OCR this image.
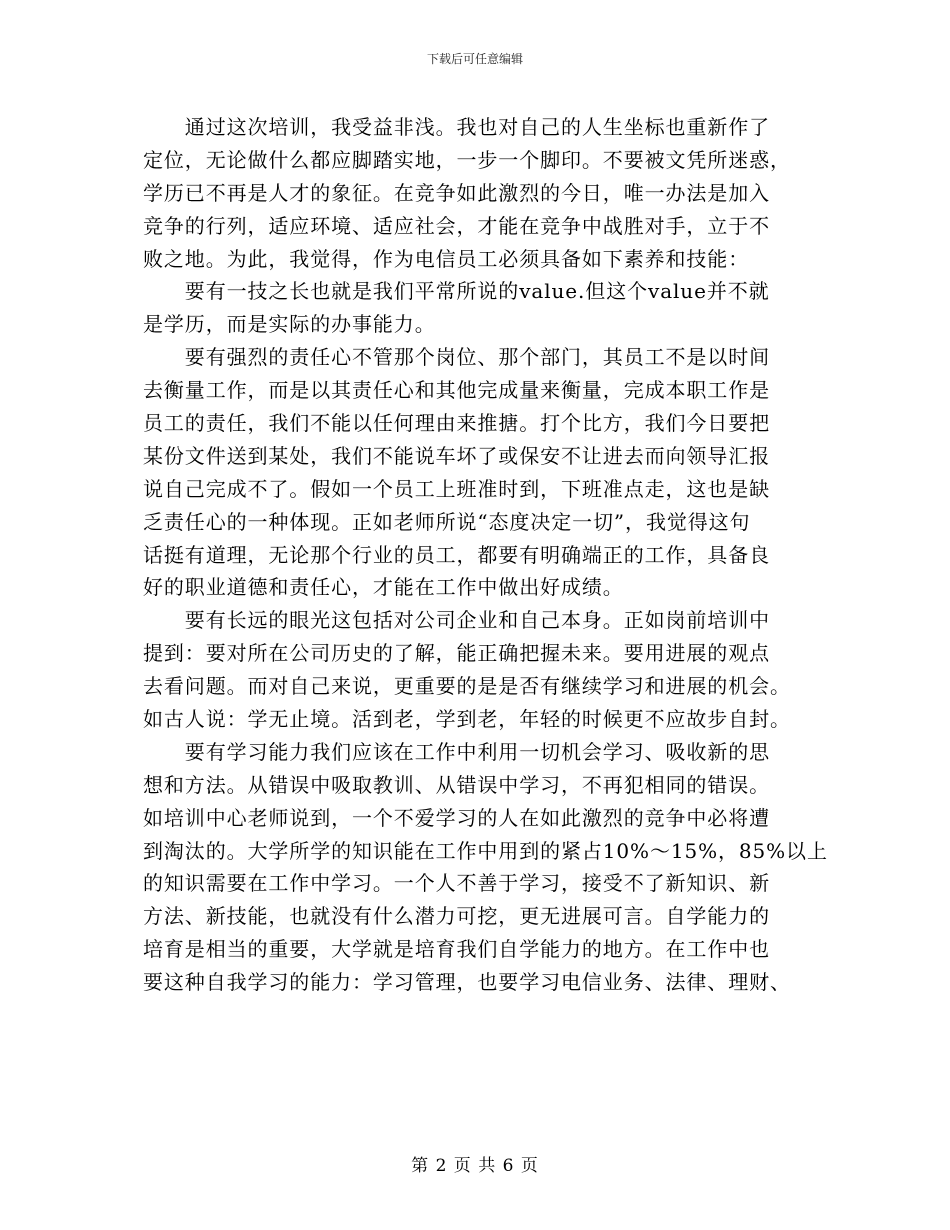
下载后可任意编辑
　　通过这次培训，我受益非浅。我也对自己的人生坐标也重新作了
定位，无论做什么都应脚踏实地，一步一个脚印。不要被文凭所迷惑，
学历已不再是人才的象征。在竞争如此激烈的今日，唯一办法是加入
竞争的行列，适应环境、适应社会，才能在竞争中战胜对手，立于不
败之地。为此，我觉得，作为电信员工必须具备如下素养和技能：
　　要有一技之长也就是我们平常所说的value.但这个value并不就
是学历，而是实际的办事能力。
　　要有强烈的责任心不管那个岗位、那个部门，其员工不是以时间
去衡量工作，而是以其责任心和其他完成量来衡量，完成本职工作是
员工的责任，我们不能以任何理由来推搪。打个比方，我们今日要把
某份文件送到某处，我们不能说车坏了或保安不让进去而向领导汇报
说自己完成不了。假如一个员工上班准时到，下班准点走，这也是缺
乏责任心的一种体现。正如老师所说“态度决定一切”，我觉得这句
话挺有道理，无论那个行业的员工，都要有明确端正的工作，具备良
好的职业道德和责任心，才能在工作中做出好成绩。
　　要有长远的眼光这包括对公司企业和自己本身。正如岗前培训中
提到：要对所在公司历史的了解，能正确把握未来。要用进展的观点
去看问题。而对自己来说，更重要的是是否有继续学习和进展的机会。
如古人说：学无止境。活到老，学到老，年轻的时候更不应故步自封。
　　要有学习能力我们应该在工作中利用一切机会学习、吸收新的思
想和方法。从错误中吸取教训、从错误中学习，不再犯相同的错误。
如培训中心老师说到，一个不爱学习的人在如此激烈的竞争中必将遭
到淘汰的。大学所学的知识能在工作中用到的紧占10%～15%，85%以上
的知识需要在工作中学习。一个人不善于学习，接受不了新知识、新
方法、新技能，也就没有什么潜力可挖，更无进展可言。自学能力的
培育是相当的重要，大学就是培育我们自学能力的地方。在工作中也
要这种自我学习的能力：学习管理，也要学习电信业务、法律、理财、
第 2 页 共 6 页
